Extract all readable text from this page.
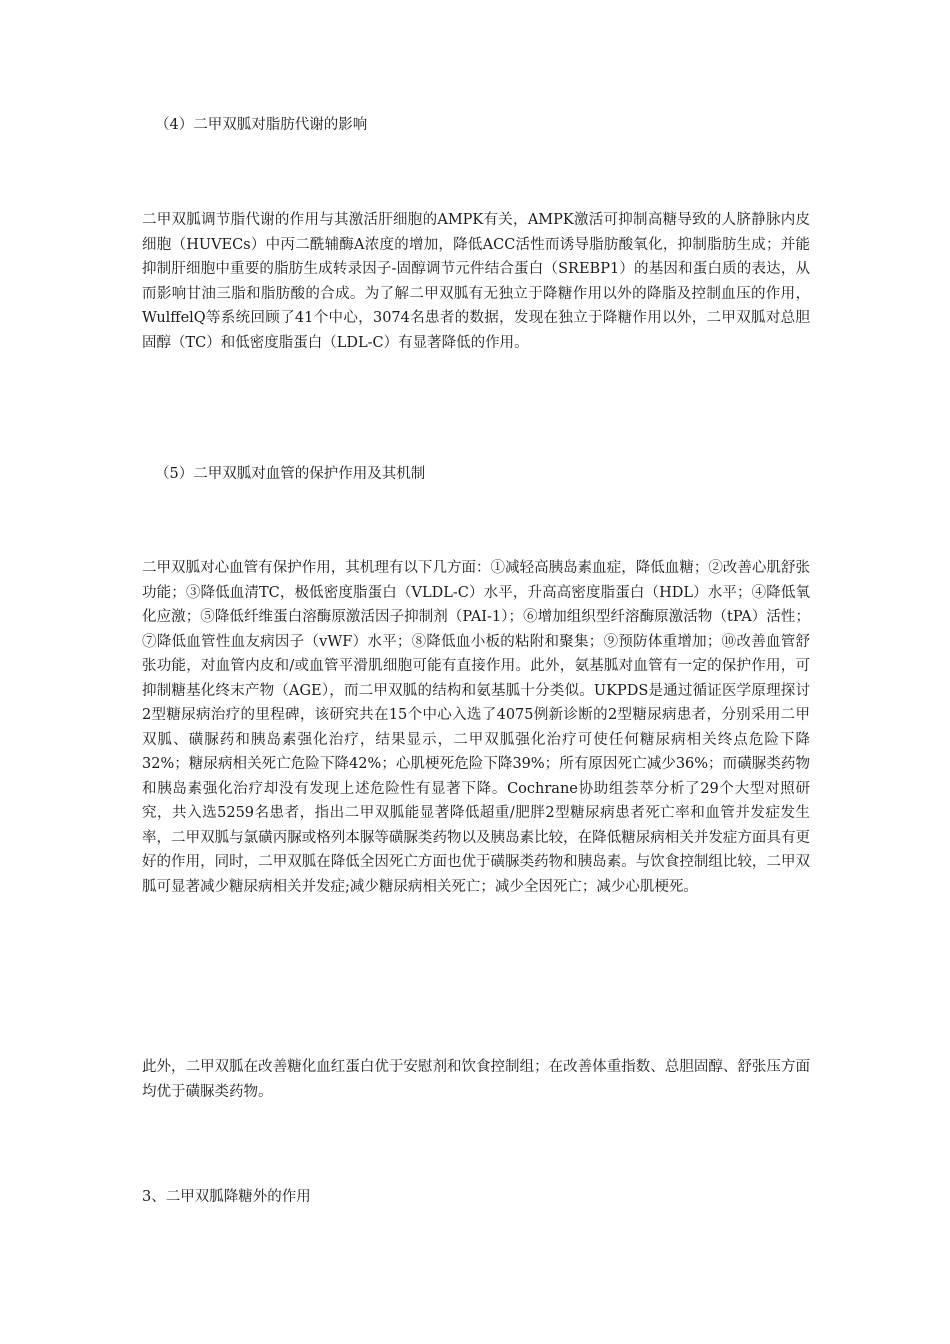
（4）二甲双胍对脂肪代谢的影响
二甲双胍调节脂代谢的作用与其激活肝细胞的AMPK有关，AMPK激活可抑制高糖导致的人脐静脉内皮细胞（HUVECs）中丙二酰辅酶A浓度的增加，降低ACC活性而诱导脂肪酸氧化，抑制脂肪生成；并能抑制肝细胞中重要的脂肪生成转录因子-固醇调节元件结合蛋白（SREBP1）的基因和蛋白质的表达，从而影响甘油三脂和脂肪酸的合成。为了解二甲双胍有无独立于降糖作用以外的降脂及控制血压的作用，WulffelQ等系统回顾了41个中心，3074名患者的数据，发现在独立于降糖作用以外，二甲双胍对总胆固醇（TC）和低密度脂蛋白（LDL-C）有显著降低的作用。
（5）二甲双胍对血管的保护作用及其机制
二甲双胍对心血管有保护作用，其机理有以下几方面：①减轻高胰岛素血症，降低血糖；②改善心肌舒张功能；③降低血清TC，极低密度脂蛋白（VLDL-C）水平，升高高密度脂蛋白（HDL）水平；④降低氧化应激；⑤降低纤维蛋白溶酶原激活因子抑制剂（PAI-1）；⑥增加组织型纤溶酶原激活物（tPA）活性；⑦降低血管性血友病因子（vWF）水平；⑧降低血小板的粘附和聚集；⑨预防体重增加；⑩改善血管舒张功能，对血管内皮和/或血管平滑肌细胞可能有直接作用。此外，氨基胍对血管有一定的保护作用，可抑制糖基化终末产物（AGE），而二甲双胍的结构和氨基胍十分类似。UKPDS是通过循证医学原理探讨2型糖尿病治疗的里程碑，该研究共在15个中心入选了4075例新诊断的2型糖尿病患者，分别采用二甲双胍、磺脲药和胰岛素强化治疗，结果显示，二甲双胍强化治疗可使任何糖尿病相关终点危险下降32%；糖尿病相关死亡危险下降42%；心肌梗死危险下降39%；所有原因死亡减少36%；而磺脲类药物和胰岛素强化治疗却没有发现上述危险性有显著下降。Cochrane协助组荟萃分析了29个大型对照研究，共入选5259名患者，指出二甲双胍能显著降低超重/肥胖2型糖尿病患者死亡率和血管并发症发生率，二甲双胍与氯磺丙脲或格列本脲等磺脲类药物以及胰岛素比较，在降低糖尿病相关并发症方面具有更好的作用，同时，二甲双胍在降低全因死亡方面也优于磺脲类药物和胰岛素。与饮食控制组比较，二甲双胍可显著减少糖尿病相关并发症;减少糖尿病相关死亡；减少全因死亡；减少心肌梗死。
此外，二甲双胍在改善糖化血红蛋白优于安慰剂和饮食控制组；在改善体重指数、总胆固醇、舒张压方面均优于磺脲类药物。
3、二甲双胍降糖外的作用
